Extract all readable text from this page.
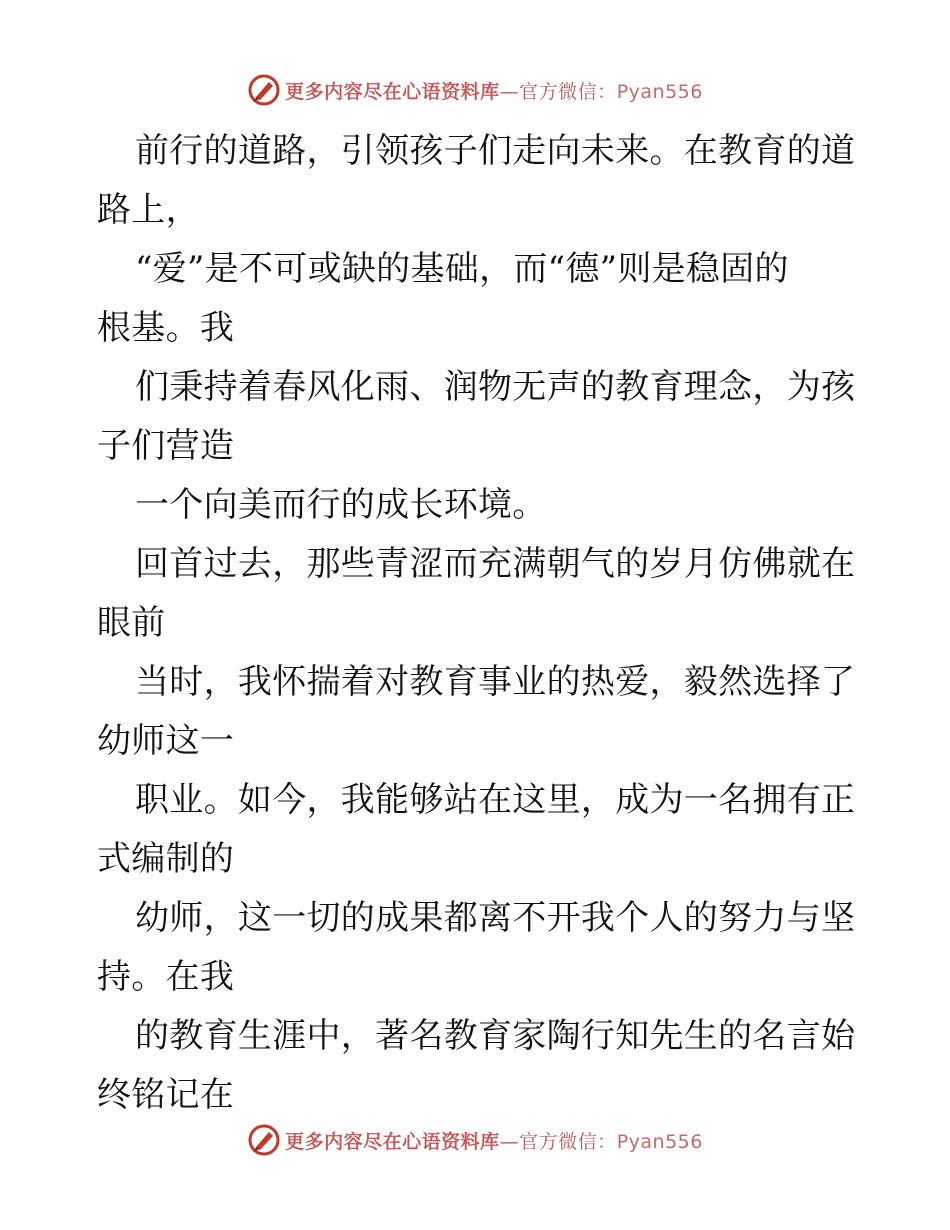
更多内容尽在心语资料库—官方微信：Pyan556
前行的道路，引领孩子们走向未来。在教育的道
路上，
“爱”是不可或缺的基础，而“德”则是稳固的
根基。我
们秉持着春风化雨、润物无声的教育理念，为孩
子们营造
一个向美而行的成长环境。
回首过去，那些青涩而充满朝气的岁月仿佛就在
眼前
当时，我怀揣着对教育事业的热爱，毅然选择了
幼师这一
职业。如今，我能够站在这里，成为一名拥有正
式编制的
幼师，这一切的成果都离不开我个人的努力与坚
持。在我
的教育生涯中，著名教育家陶行知先生的名言始
终铭记在
更多内容尽在心语资料库—官方微信：Pyan556
